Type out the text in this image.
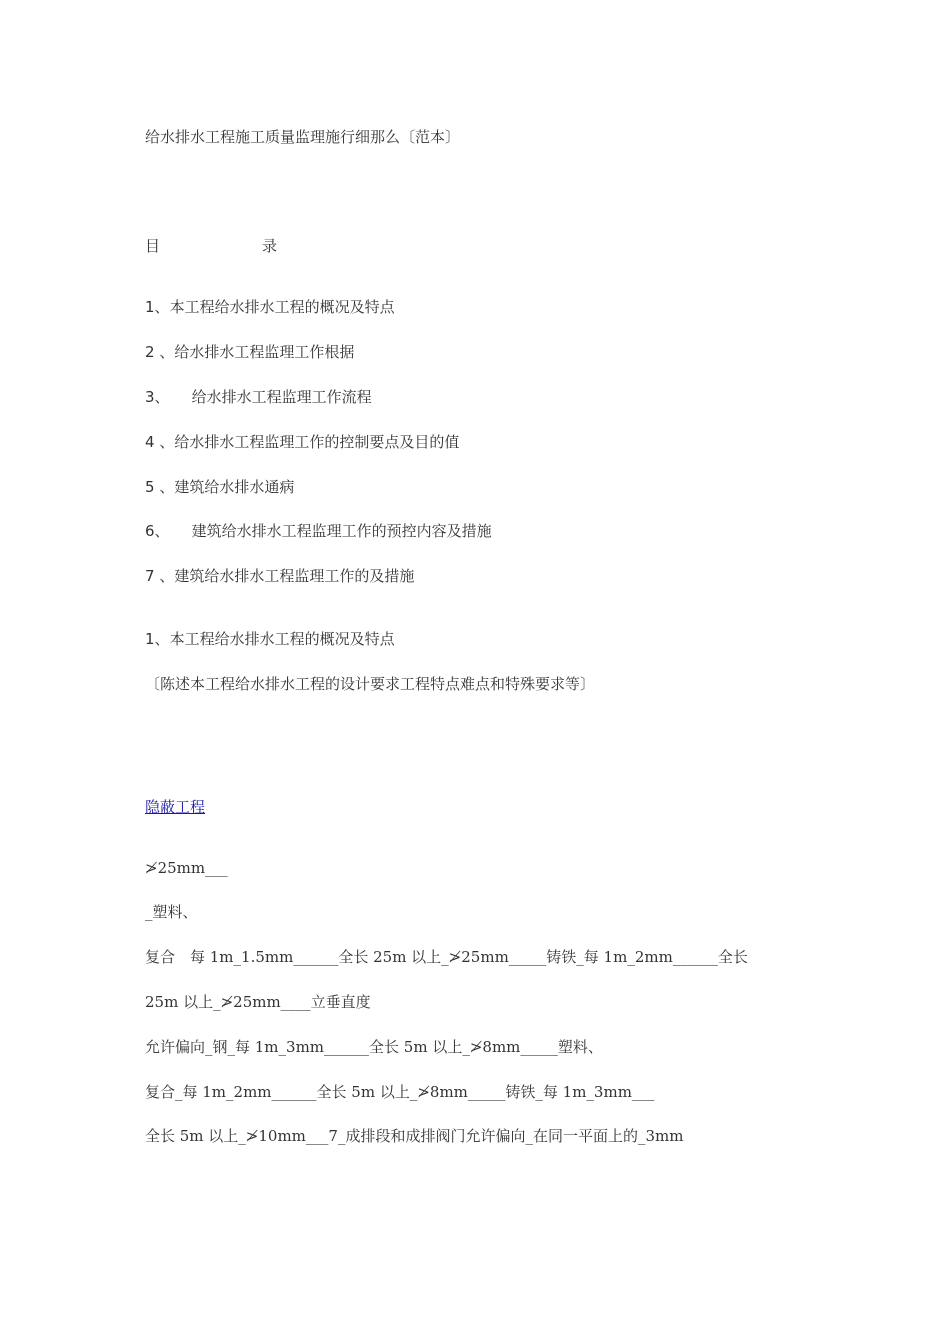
给水排水工程施工质量监理施行细那么〔范本〕
目	录
1、本工程给水排水工程的概况及特点
2 、给水排水工程监理工作根据
3、 给水排水工程监理工作流程
4 、给水排水工程监理工作的控制要点及目的值
5 、建筑给水排水通病
6、 建筑给水排水工程监理工作的预控内容及措施
7 、建筑给水排水工程监理工作的及措施
1、本工程给水排水工程的概况及特点
〔陈述本工程给水排水工程的设计要求工程特点难点和特殊要求等〕
隐蔽工程
≯25mm___
_塑料、
复合　每 1m_1.5mm______全长 25m 以上_≯25mm_____铸铁_每 1m_2mm______全长
25m 以上_≯25mm____立垂直度
允许偏向_钢_每 1m_3mm______全长 5m 以上_≯8mm_____塑料、
复合_每 1m_2mm______全长 5m 以上_≯8mm_____铸铁_每 1m_3mm___
全长 5m 以上_≯10mm___7_成排段和成排阀门允许偏向_在同一平面上的_3mm
